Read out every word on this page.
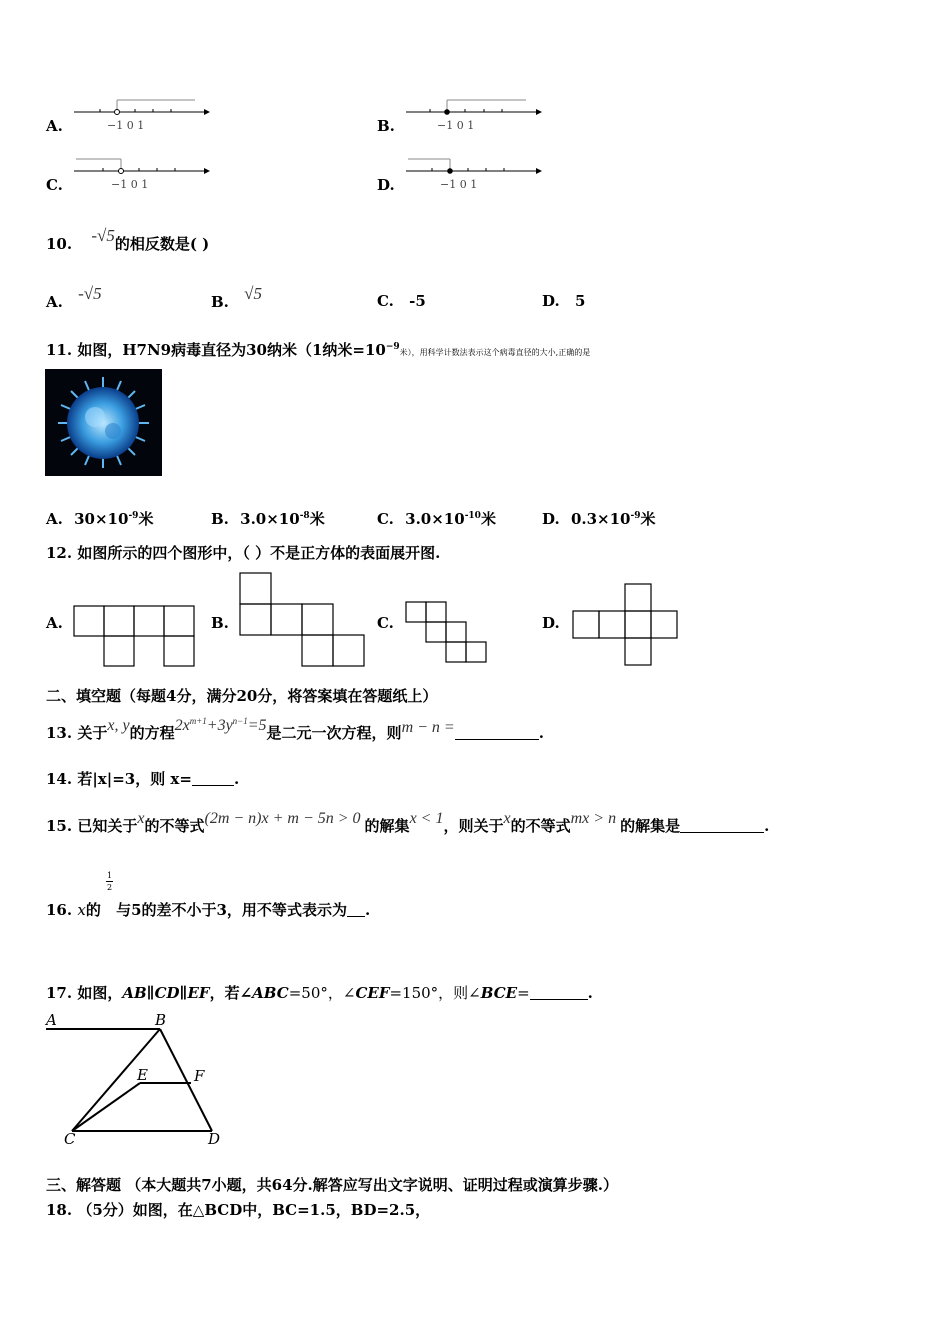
A.	−1 0 1	B.	−1 0 1
C.	−1 0 1	D.	−1 0 1
10. -√5的相反数是( )
A. -√5	B. √5	C. -5	D. 5
11. 如图，H7N9病毒直径为30纳米（1纳米$=10^{-9}$米），用科学计数法表示这个病毒直径的大小,正确的是
A. $30\times 10^{-9}$米	B. $3.0\times 10^{-8}$米	C. $3.0\times 10^{-10}$米	D. $0.3\times 10^{-9}$米
12. 如图所示的四个图形中，（ ）不是正方体的表面展开图.
A.	B.	C.	D.
二、填空题（每题4分，满分20分，将答案填在答题纸上）
13. 关于x, y的方程$2x^{m+1}+3y^{n-1}=5$是二元一次方程，则m − n =	.
14. 若|x|=3，则 x=	.
15. 已知关于x的不等式(2m − n)x + m − 5n > 0 的解集x < 1，则关于x的不等式mx > n 的解集是	.
1
2
16. x的 与5的差不小于3，用不等式表示为 .
17. 如图，AB∥CD∥EF，若∠ABC=50°，∠CEF=150°，则∠BCE=	.
A	B
E	F
C	D
三、解答题 （本大题共7小题，共64分.解答应写出文字说明、证明过程或演算步骤.）
18. （5分）如图，在△BCD中，BC=1.5，BD=2.5，
